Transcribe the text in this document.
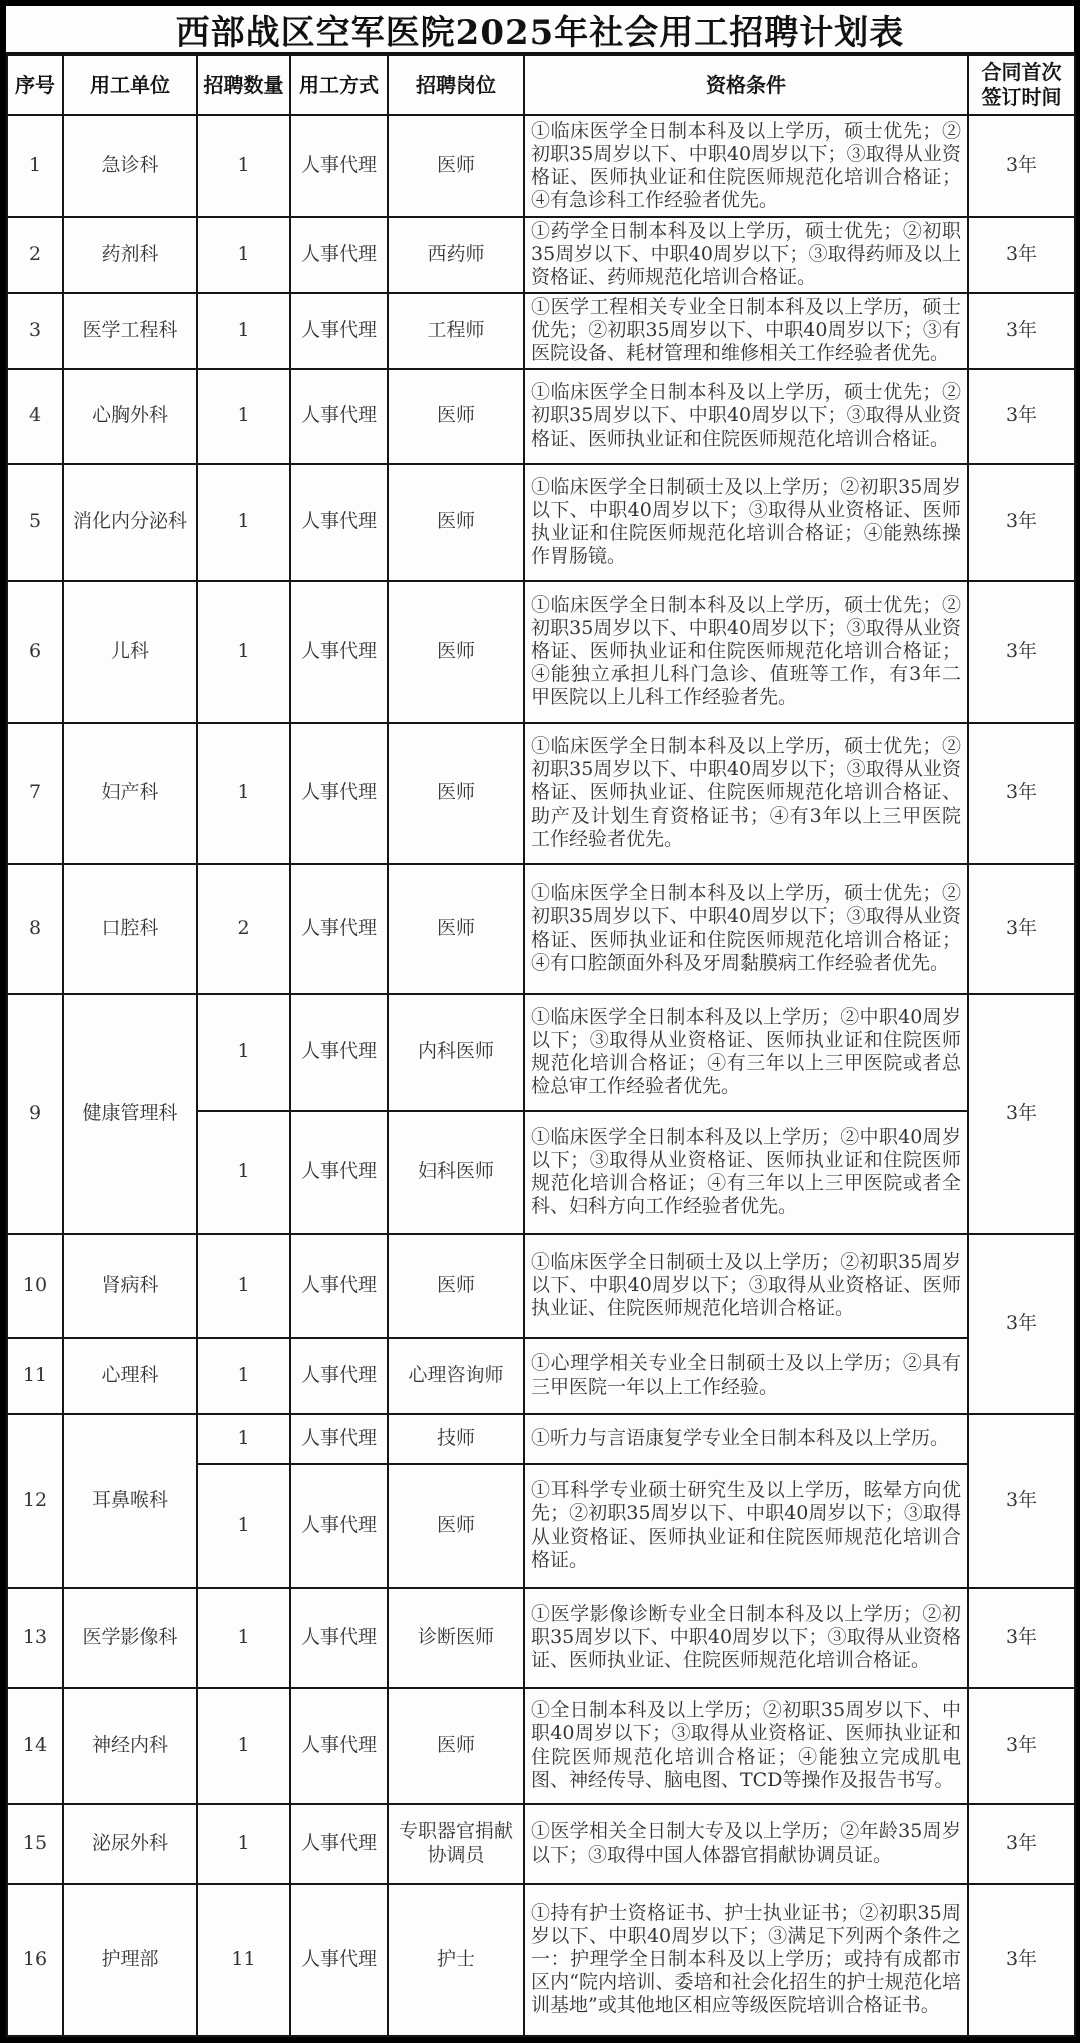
西部战区空军医院2025年社会用工招聘计划表
序号	用工单位	招聘数量	用工方式	招聘岗位	资格条件	合同首次签订时间
1	急诊科	1	人事代理	医师	①临床医学全日制本科及以上学历，硕士优先；②初职35周岁以下、中职40周岁以下；③取得从业资格证、医师执业证和住院医师规范化培训合格证；④有急诊科工作经验者优先。	3年
2	药剂科	1	人事代理	西药师	①药学全日制本科及以上学历，硕士优先；②初职35周岁以下、中职40周岁以下；③取得药师及以上资格证、药师规范化培训合格证。	3年
3	医学工程科	1	人事代理	工程师	①医学工程相关专业全日制本科及以上学历，硕士优先；②初职35周岁以下、中职40周岁以下；③有医院设备、耗材管理和维修相关工作经验者优先。	3年
4	心胸外科	1	人事代理	医师	①临床医学全日制本科及以上学历，硕士优先；②初职35周岁以下、中职40周岁以下；③取得从业资格证、医师执业证和住院医师规范化培训合格证。	3年
5	消化内分泌科	1	人事代理	医师	①临床医学全日制硕士及以上学历；②初职35周岁以下、中职40周岁以下；③取得从业资格证、医师执业证和住院医师规范化培训合格证；④能熟练操作胃肠镜。	3年
6	儿科	1	人事代理	医师	①临床医学全日制本科及以上学历，硕士优先；②初职35周岁以下、中职40周岁以下；③取得从业资格证、医师执业证和住院医师规范化培训合格证；④能独立承担儿科门急诊、值班等工作，有3年二甲医院以上儿科工作经验者先。	3年
7	妇产科	1	人事代理	医师	①临床医学全日制本科及以上学历，硕士优先；②初职35周岁以下、中职40周岁以下；③取得从业资格证、医师执业证、住院医师规范化培训合格证、助产及计划生育资格证书；④有3年以上三甲医院工作经验者优先。	3年
8	口腔科	2	人事代理	医师	①临床医学全日制本科及以上学历，硕士优先；②初职35周岁以下、中职40周岁以下；③取得从业资格证、医师执业证和住院医师规范化培训合格证；④有口腔颌面外科及牙周黏膜病工作经验者优先。	3年
9	健康管理科	1	人事代理	内科医师	①临床医学全日制本科及以上学历；②中职40周岁以下；③取得从业资格证、医师执业证和住院医师规范化培训合格证；④有三年以上三甲医院或者总检总审工作经验者优先。	3年
		1	人事代理	妇科医师	①临床医学全日制本科及以上学历；②中职40周岁以下；③取得从业资格证、医师执业证和住院医师规范化培训合格证；④有三年以上三甲医院或者全科、妇科方向工作经验者优先。	
10	肾病科	1	人事代理	医师	①临床医学全日制硕士及以上学历；②初职35周岁以下、中职40周岁以下；③取得从业资格证、医师执业证、住院医师规范化培训合格证。	3年
11	心理科	1	人事代理	心理咨询师	①心理学相关专业全日制硕士及以上学历；②具有三甲医院一年以上工作经验。	
12	耳鼻喉科	1	人事代理	技师	①听力与言语康复学专业全日制本科及以上学历。	3年
		1	人事代理	医师	①耳科学专业硕士研究生及以上学历，眩晕方向优先；②初职35周岁以下、中职40周岁以下；③取得从业资格证、医师执业证和住院医师规范化培训合格证。	
13	医学影像科	1	人事代理	诊断医师	①医学影像诊断专业全日制本科及以上学历；②初职35周岁以下、中职40周岁以下；③取得从业资格证、医师执业证、住院医师规范化培训合格证。	3年
14	神经内科	1	人事代理	医师	①全日制本科及以上学历；②初职35周岁以下、中职40周岁以下；③取得从业资格证、医师执业证和住院医师规范化培训合格证；④能独立完成肌电图、神经传导、脑电图、TCD等操作及报告书写。	3年
15	泌尿外科	1	人事代理	专职器官捐献协调员	①医学相关全日制大专及以上学历；②年龄35周岁以下；③取得中国人体器官捐献协调员证。	3年
16	护理部	11	人事代理	护士	①持有护士资格证书、护士执业证书；②初职35周岁以下、中职40周岁以下；③满足下列两个条件之一：护理学全日制本科及以上学历；或持有成都市区内“院内培训、委培和社会化招生的护士规范化培训基地”或其他地区相应等级医院培训合格证书。	3年
